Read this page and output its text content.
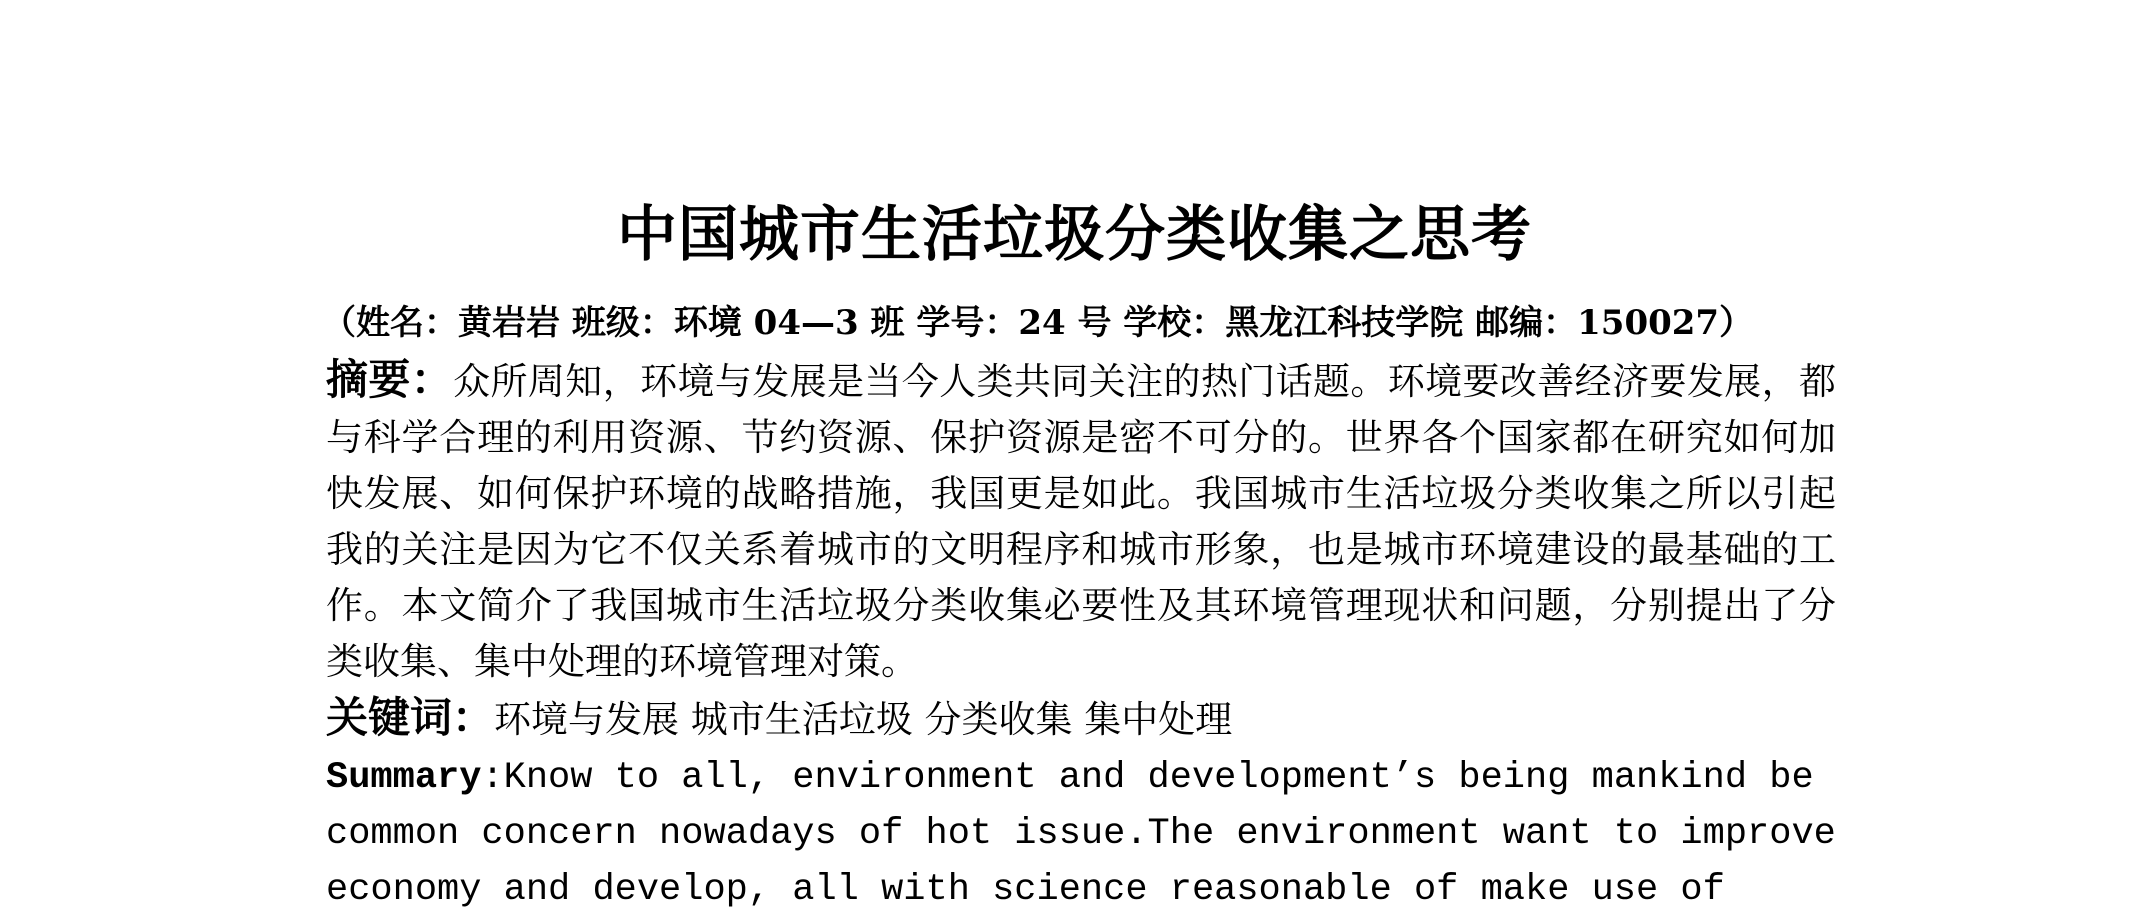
中国城市生活垃圾分类收集之思考
（姓名：黄岩岩 班级：环境 04—3 班 学号：24 号 学校：黑龙江科技学院 邮编：150027）
摘要：众所周知，环境与发展是当今人类共同关注的热门话题。环境要改善经济要发展，都与科学合理的利用资源、节约资源、保护资源是密不可分的。世界各个国家都在研究如何加快发展、如何保护环境的战略措施，我国更是如此。我国城市生活垃圾分类收集之所以引起我的关注是因为它不仅关系着城市的文明程序和城市形象，也是城市环境建设的最基础的工作。本文简介了我国城市生活垃圾分类收集必要性及其环境管理现状和问题，分别提出了分类收集、集中处理的环境管理对策。
关键词：环境与发展 城市生活垃圾 分类收集 集中处理
Summary:Know to all, environment and development’s being mankind be
common concern nowadays of hot issue.The environment want to improve
economy and develop, all with science reasonable of make use of
